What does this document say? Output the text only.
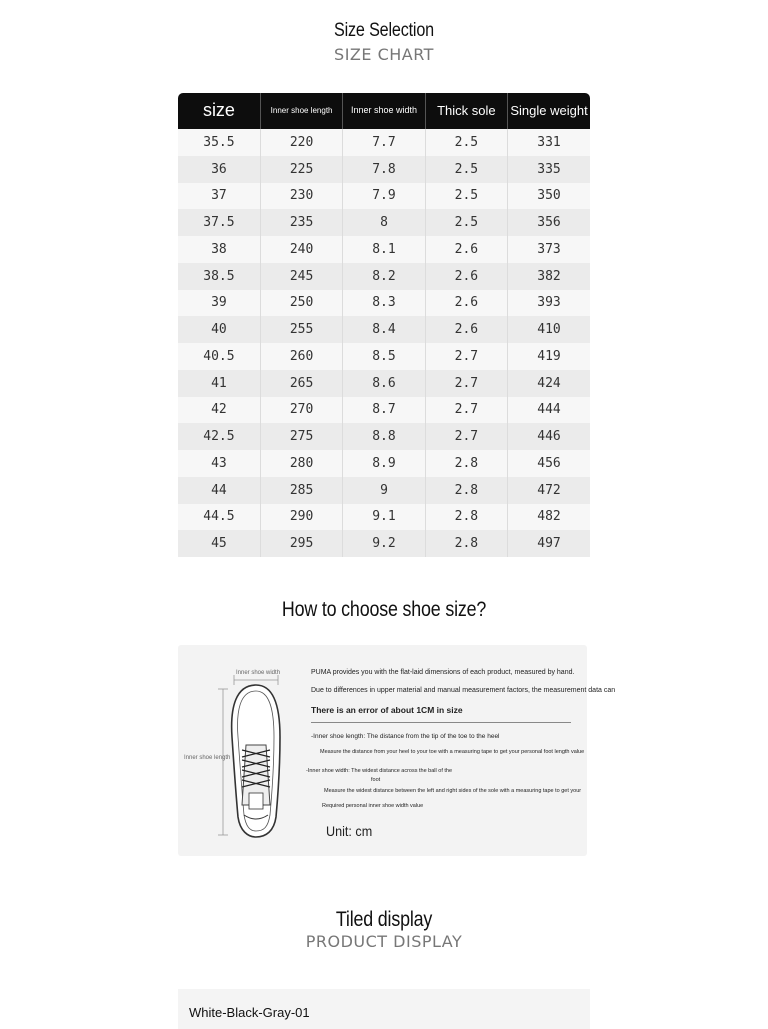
Size Selection
SIZE CHART
size	Inner shoe length	Inner shoe width	Thick sole	Single weight
35.5	220	7.7	2.5	331
36	225	7.8	2.5	335
37	230	7.9	2.5	350
37.5	235	8	2.5	356
38	240	8.1	2.6	373
38.5	245	8.2	2.6	382
39	250	8.3	2.6	393
40	255	8.4	2.6	410
40.5	260	8.5	2.7	419
41	265	8.6	2.7	424
42	270	8.7	2.7	444
42.5	275	8.8	2.7	446
43	280	8.9	2.8	456
44	285	9	2.8	472
44.5	290	9.1	2.8	482
45	295	9.2	2.8	497
How to choose shoe size?
Inner shoe width
Inner shoe length
PUMA provides you with the flat-laid dimensions of each product, measured by hand.
Due to differences in upper material and manual measurement factors, the measurement data can
There is an error of about 1CM in size
-Inner shoe length: The distance from the tip of the toe to the heel
Measure the distance from your heel to your toe with a measuring tape to get your personal foot length value
-Inner shoe width: The widest distance across the ball of the
foot
Measure the widest distance between the left and right sides of the sole with a measuring tape to get your
Required personal inner shoe width value
Unit: cm
Tiled display
PRODUCT DISPLAY
White-Black-Gray-01
